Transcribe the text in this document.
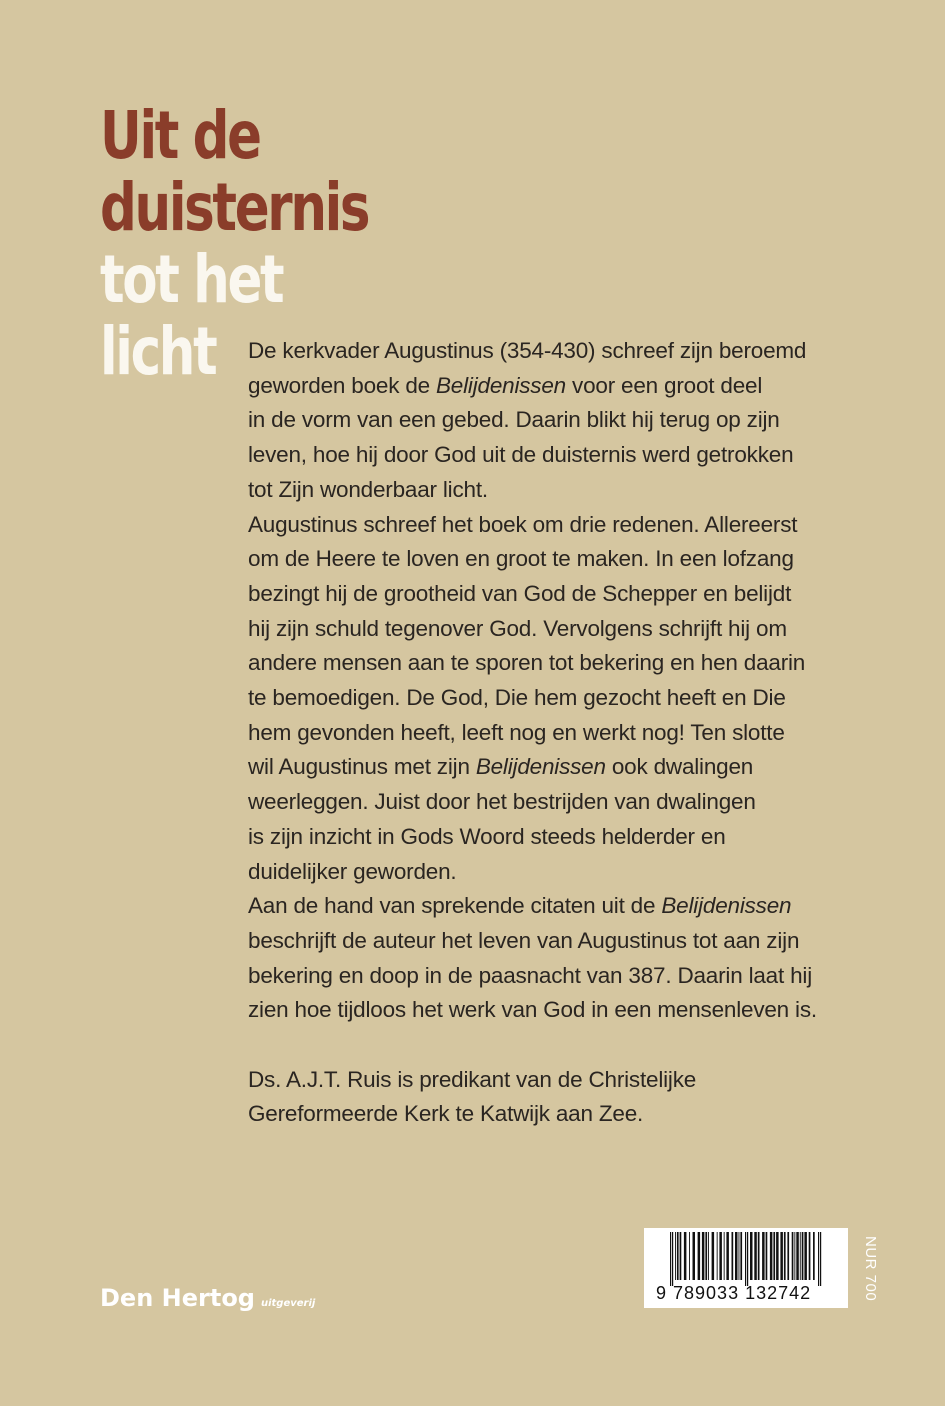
Uit de
duisternis
tot het
licht	De kerkvader Augustinus (354-430) schreef zijn beroemd
geworden boek de Belijdenissen voor een groot deel
in de vorm van een gebed. Daarin blikt hij terug op zijn
leven, hoe hij door God uit de duisternis werd getrokken
tot Zijn wonderbaar licht.

Augustinus schreef het boek om drie redenen. Allereerst
om de Heere te loven en groot te maken. In een lofzang
bezingt hij de grootheid van God de Schepper en belijdt
hij zijn schuld tegenover God. Vervolgens schrijft hij om
andere mensen aan te sporen tot bekering en hen daarin
te bemoedigen. De God, Die hem gezocht heeft en Die
hem gevonden heeft, leeft nog en werkt nog! Ten slotte
wil Augustinus met zijn Belijdenissen ook dwalingen
weerleggen. Juist door het bestrijden van dwalingen
is zijn inzicht in Gods Woord steeds helderder en
duidelijker geworden.

Aan de hand van sprekende citaten uit de Belijdenissen
beschrijft de auteur het leven van Augustinus tot aan zijn
bekering en doop in de paasnacht van 387. Daarin laat hij
zien hoe tijdloos het werk van God in een mensenleven is.

Ds. A.J.T. Ruis is predikant van de Christelijke
Gereformeerde Kerk te Katwijk aan Zee.

Den Hertog uitgeverij
9 789033 132742	NUR 700
